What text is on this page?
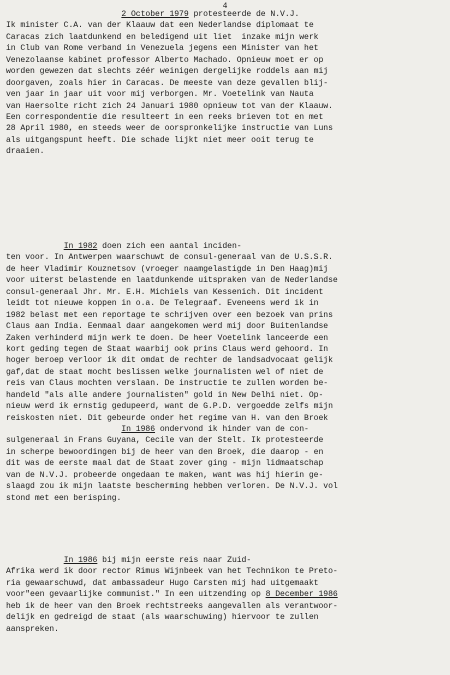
4
2 October 1979 protesteerde de N.V.J.
Ik minister C.A. van der Klaauw dat een Nederlandse diplomaat te
Caracas zich laatdunkend en beledigend uit liet  inzake mijn werk
in Club van Rome verband in Venezuela jegens een Minister van het
Venezolaanse kabinet professor Alberto Machado. Opnieuw moet er op
worden gewezen dat slechts zéér weinigen dergelijke roddels aan mij
doorgaven, zoals hier in Caracas. De meeste van deze gevallen blij-
ven jaar in jaar uit voor mij verborgen. Mr. Voetelink van Nauta
van Haersolte richt zich 24 Januari 1980 opnieuw tot van der Klaauw.
Een correspondentie die resulteert in een reeks brieven tot en met
28 April 1980, en steeds weer de oorspronkelijke instructie van Luns
als uitgangspunt heeft. Die schade lijkt niet meer ooit terug te
draaien.
In 1982 doen zich een aantal inciden-
ten voor. In Antwerpen waarschuwt de consul-generaal van de U.S.S.R.
de heer Vladimir Kouznetsov (vroeger naamgelastigde in Den Haag)mij
voor uiterst belastende en laatdunkende uitspraken van de Nederlandse
consul-generaal Jhr. Mr. E.H. Michiels van Kessenich. Dit incident
leidt tot nieuwe koppen in o.a. De Telegraaf. Eveneens werd ik in
1982 belast met een reportage te schrijven over een bezoek van prins
Claus aan India. Eenmaal daar aangekomen werd mij door Buitenlandse
Zaken verhinderd mijn werk te doen. De heer Voetelink lanceerde een
kort geding tegen de Staat waarbij ook prins Claus werd gehoord. In
hoger beroep verloor ik dit omdat de rechter de landsadvocaat gelijk
gaf,dat de staat mocht beslissen welke journalisten wel of niet de
reis van Claus mochten verslaan. De instructie te zullen worden be-
handeld "als alle andere journalisten" gold in New Delhi niet. Op-
nieuw werd ik ernstig gedupeerd, want de G.P.D. vergoedde zelfs mijn
reiskosten niet. Dit gebeurde onder het regime van H. van den Broek
In 1986 ondervond ik hinder van de con-
sulgeneraal in Frans Guyana, Cecile van der Stelt. Ik protesteerde
in scherpe bewoordingen bij de heer van den Broek, die daarop - en
dit was de eerste maal dat de Staat zover ging - mijn lidmaatschap
van de N.V.J. probeerde ongedaan te maken, want was hij hierin ge-
slaagd zou ik mijn laatste bescherming hebben verloren. De N.V.J. vol
stond met een berisping.
In 1986 bij mijn eerste reis naar Zuid-
Afrika werd ik door rector Rimus Wijnbeek van het Technikon te Preto-
ria gewaarschuwd, dat ambassadeur Hugo Carsten mij had uitgemaakt
voor"een gevaarlijke communist." In een uitzending op 8 December 1986
heb ik de heer van den Broek rechtstreeks aangevallen als verantwoor-
delijk en gedreigd de staat (als waarschuwing) hiervoor te zullen
aanspreken.
